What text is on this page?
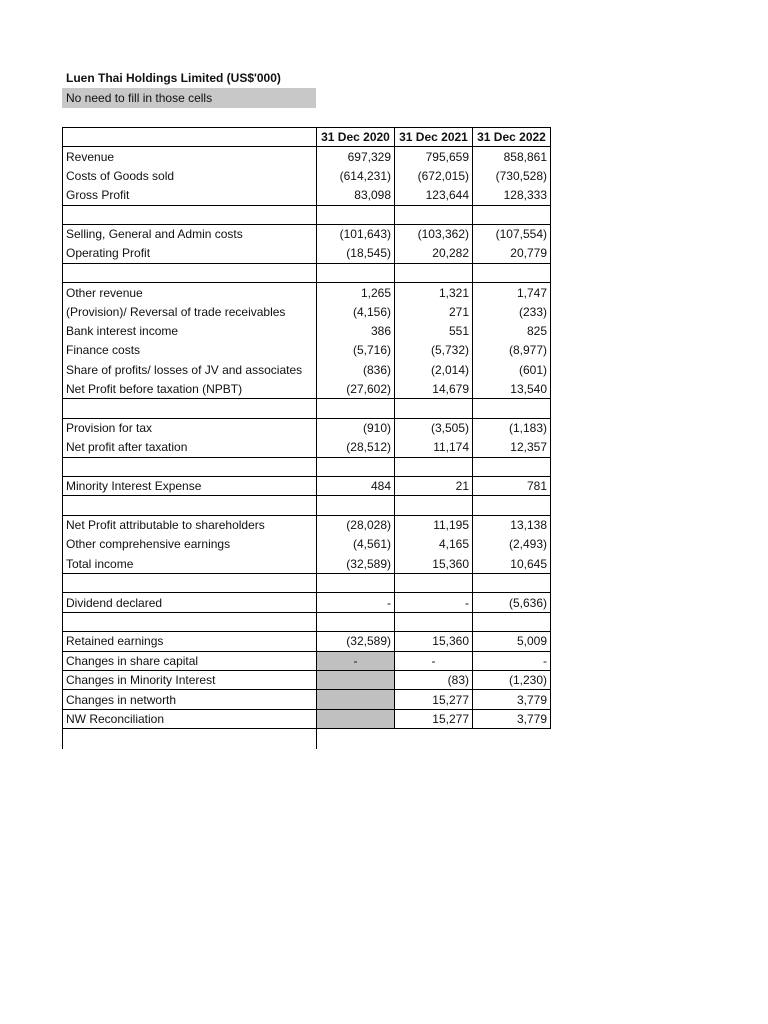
Luen Thai Holdings Limited (US$'000)
No need to fill in those cells
	31 Dec 2020	31 Dec 2021	31 Dec 2022
Revenue	697,329	795,659	858,861
Costs of Goods sold	(614,231)	(672,015)	(730,528)
Gross Profit	83,098	123,644	128,333

Selling, General and Admin costs	(101,643)	(103,362)	(107,554)
Operating Profit	(18,545)	20,282	20,779

Other revenue	1,265	1,321	1,747
(Provision)/ Reversal of trade receivables	(4,156)	271	(233)
Bank interest income	386	551	825
Finance costs	(5,716)	(5,732)	(8,977)
Share of profits/ losses of JV and associates	(836)	(2,014)	(601)
Net Profit before taxation (NPBT)	(27,602)	14,679	13,540

Provision for tax	(910)	(3,505)	(1,183)
Net profit after taxation	(28,512)	11,174	12,357

Minority Interest Expense	484	21	781

Net Profit attributable to shareholders	(28,028)	11,195	13,138
Other comprehensive earnings	(4,561)	4,165	(2,493)
Total income	(32,589)	15,360	10,645

Dividend declared	-	-	(5,636)

Retained earnings	(32,589)	15,360	5,009
Changes in share capital	-	-	-
Changes in Minority Interest		(83)	(1,230)
Changes in networth		15,277	3,779
NW Reconciliation		15,277	3,779
